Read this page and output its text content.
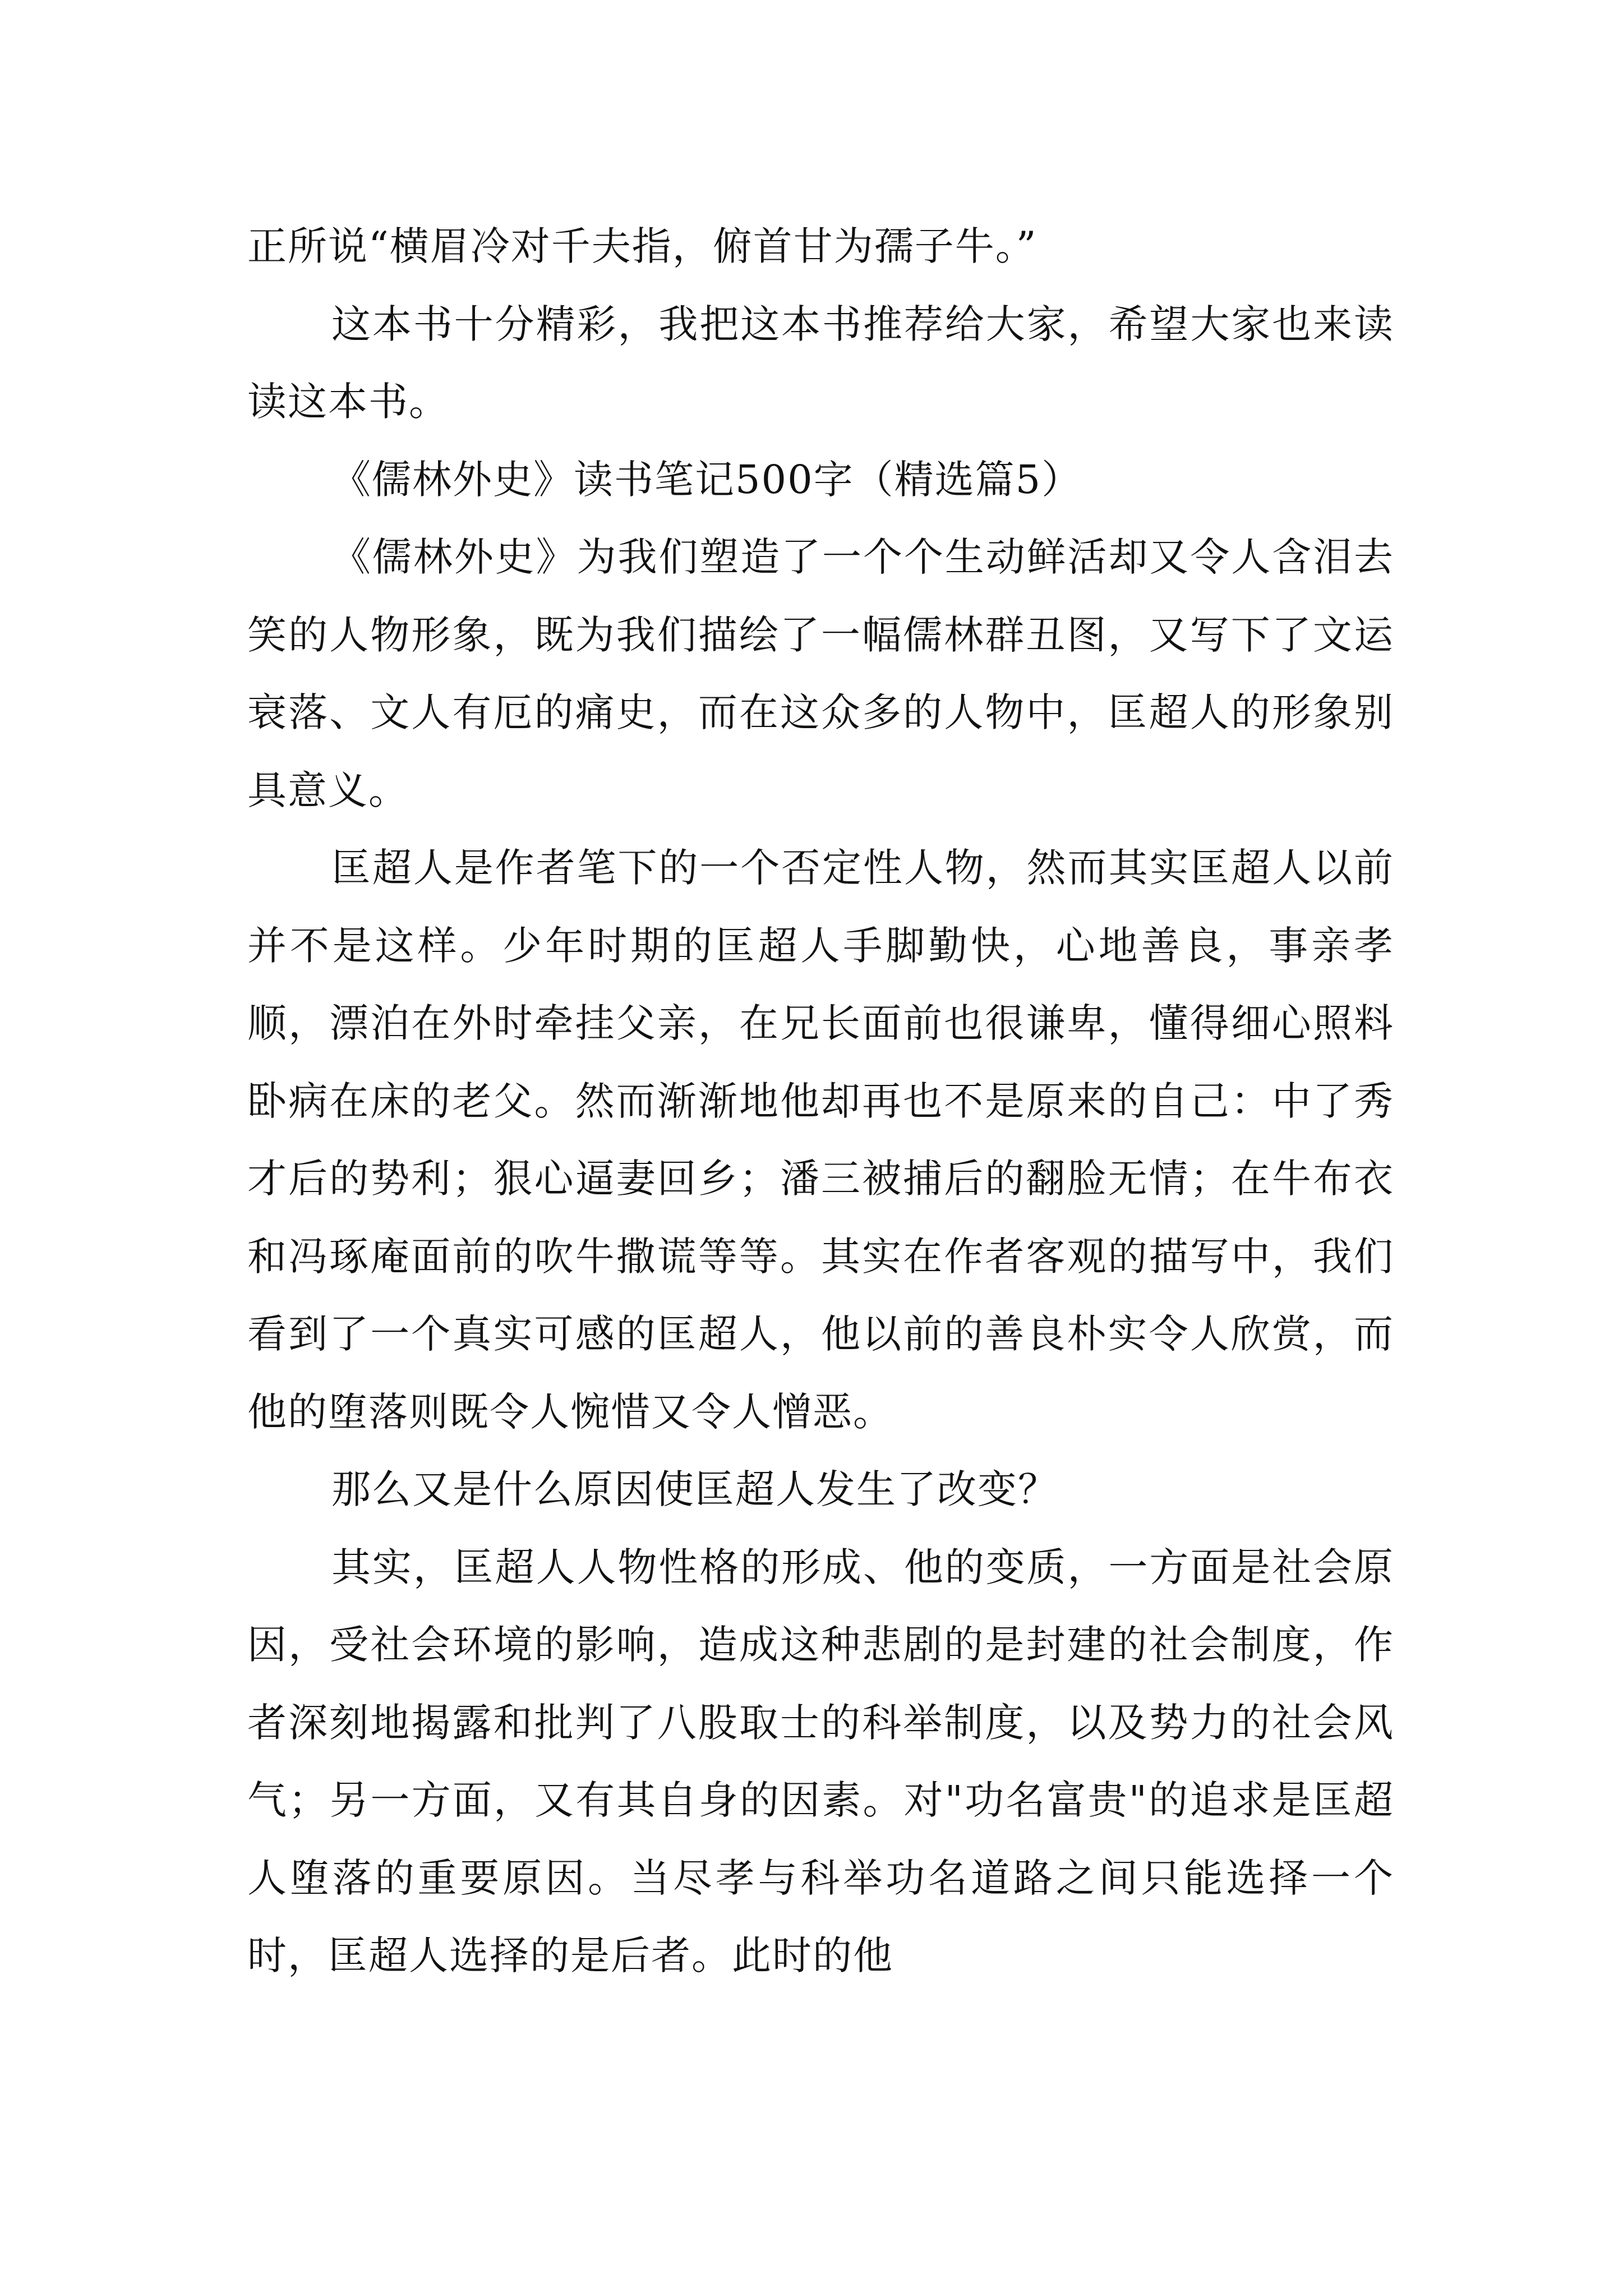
正所说“横眉冷对千夫指，俯首甘为孺子牛。”

这本书十分精彩，我把这本书推荐给大家，希望大家也来读读这本书。

《儒林外史》读书笔记500字（精选篇5）

《儒林外史》为我们塑造了一个个生动鲜活却又令人含泪去笑的人物形象，既为我们描绘了一幅儒林群丑图，又写下了文运衰落、文人有厄的痛史，而在这众多的人物中，匡超人的形象别具意义。

匡超人是作者笔下的一个否定性人物，然而其实匡超人以前并不是这样。少年时期的匡超人手脚勤快，心地善良，事亲孝顺，漂泊在外时牵挂父亲，在兄长面前也很谦卑，懂得细心照料卧病在床的老父。然而渐渐地他却再也不是原来的自己：中了秀才后的势利；狠心逼妻回乡；潘三被捕后的翻脸无情；在牛布衣和冯琢庵面前的吹牛撒谎等等。其实在作者客观的描写中，我们看到了一个真实可感的匡超人，他以前的善良朴实令人欣赏，而他的堕落则既令人惋惜又令人憎恶。

那么又是什么原因使匡超人发生了改变？

其实，匡超人人物性格的形成、他的变质，一方面是社会原因，受社会环境的影响，造成这种悲剧的是封建的社会制度，作者深刻地揭露和批判了八股取士的科举制度，以及势力的社会风气；另一方面，又有其自身的因素。对"功名富贵"的追求是匡超人堕落的重要原因。当尽孝与科举功名道路之间只能选择一个时，匡超人选择的是后者。此时的他
